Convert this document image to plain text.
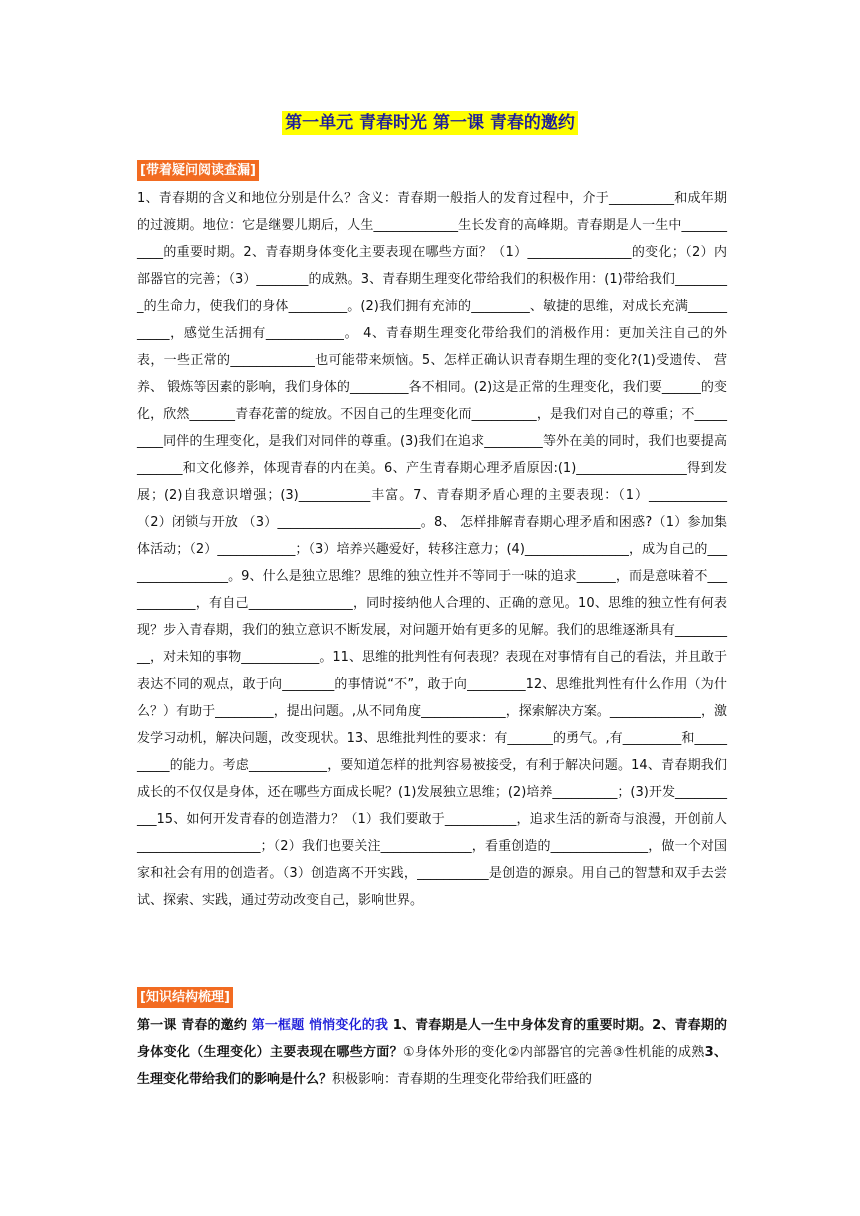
第一单元 青春时光 第一课 青春的邀约
[带着疑问阅读查漏]

1、青春期的含义和地位分别是什么？含义：青春期一般指人的发育过程中，介于__________和成年期的过渡期。地位：它是继婴儿期后，人生_____________生长发育的高峰期。青春期是人一生中___________的重要时期。2、青春期身体变化主要表现在哪些方面？（1）________________的变化；（2）内部器官的完善；（3）________的成熟。3、青春期生理变化带给我们的积极作用：(1)带给我们_________的生命力，使我们的身体_________。(2)我们拥有充沛的_________、敏捷的思维，对成长充满___________，感觉生活拥有____________。 4、青春期生理变化带给我们的消极作用：更加关注自己的外表，一些正常的_____________也可能带来烦恼。5、怎样正确认识青春期生理的变化?(1)受遗传、 营养、 锻炼等因素的影响，我们身体的_________各不相同。(2)这是正常的生理变化，我们要______的变化，欣然_______青春花蕾的绽放。不因自己的生理变化而__________，是我们对自己的尊重；不_________同伴的生理变化，是我们对同伴的尊重。(3)我们在追求_________等外在美的同时，我们也要提高_______和文化修养，体现青春的内在美。6、产生青春期心理矛盾原因:(1)_________________得到发展；(2)自我意识增强；(3)___________丰富。7、青春期矛盾心理的主要表现：（1）____________ （2）闭锁与开放 （3）______________________。8、 怎样排解青春期心理矛盾和困惑?（1）参加集体活动；（2）____________；（3）培养兴趣爱好，转移注意力；(4)________________，成为自己的_________________。9、什么是独立思维？思维的独立性并不等同于一味的追求______，而是意味着不____________，有自己________________，同时接纳他人合理的、正确的意见。10、思维的独立性有何表现？步入青春期，我们的独立意识不断发展，对问题开始有更多的见解。我们的思维逐渐具有__________，对未知的事物____________。11、思维的批判性有何表现？表现在对事情有自己的看法，并且敢于表达不同的观点，敢于向________的事情说“不”，敢于向_________12、思维批判性有什么作用（为什么？）有助于_________，提出问题。,从不同角度_____________，探索解决方案。______________，激发学习动机，解决问题，改变现状。13、思维批判性的要求：有_______的勇气。,有_________和__________的能力。考虑____________，要知道怎样的批判容易被接受，有利于解决问题。14、青春期我们成长的不仅仅是身体，还在哪些方面成长呢？(1)发展独立思维；(2)培养__________；(3)开发___________15、如何开发青春的创造潜力？（1）我们要敢于___________，追求生活的新奇与浪漫，开创前人___________________；（2）我们也要关注______________，看重创造的_______________，做一个对国家和社会有用的创造者。（3）创造离不开实践，___________是创造的源泉。用自己的智慧和双手去尝试、探索、实践，通过劳动改变自己，影响世界。

[知识结构梳理]

第一课 青春的邀约 第一框题 悄悄变化的我 1、青春期是人一生中身体发育的重要时期。2、青春期的身体变化（生理变化）主要表现在哪些方面？①身体外形的变化②内部器官的完善③性机能的成熟3、生理变化带给我们的影响是什么？积极影响：青春期的生理变化带给我们旺盛的
